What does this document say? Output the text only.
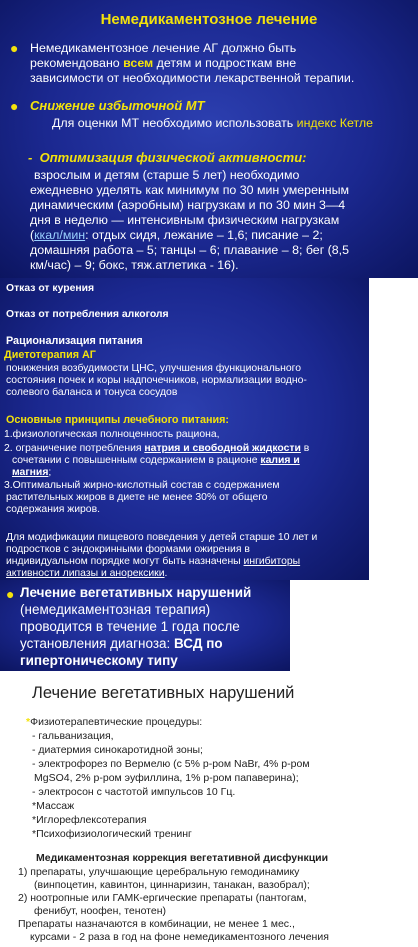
Немедикаментозное лечение
● Немедикаментозное лечение АГ должно быть
рекомендовано всем детям и подросткам вне
зависимости от необходимости лекарственной терапии.
● Снижение избыточной МТ
Для оценки МТ необходимо использовать индекс Кетле
- Оптимизация физической активности:
взрослым и детям (старше 5 лет) необходимо
ежедневно уделять как минимум по 30 мин умеренным
динамическим (аэробным) нагрузкам и по 30 мин 3—4
дня в неделю — интенсивным физическим нагрузкам
(ккал/мин: отдых сидя, лежание – 1,6; писание – 2;
домашняя работа – 5; танцы – 6; плавание – 8; бег (8,5
км/час) – 9; бокс, тяж.атлетика - 16).
Отказ от курения
Отказ от потребления алкоголя
Рационализация питания
Диетотерапия АГ
понижения возбудимости ЦНС, улучшения функционального
состояния почек и коры надпочечников, нормализации водно-
солевого баланса и тонуса сосудов
Основные принципы лечебного питания:
1.физиологическая полноценность рациона,
2. ограничение потребления натрия и свободной жидкости в
сочетании с повышенным содержанием в рационе калия и
магния;
3.Оптимальный жирно-кислотный состав с содержанием
растительных жиров в диете не менее 30% от общего
содержания жиров.
Для модификации пищевого поведения у детей старше 10 лет и
подростков с эндокринными формами ожирения в
индивидуальном порядке могут быть назначены ингибиторы
активности липазы и анорексики.
● Лечение вегетативных нарушений
(немедикаментозная терапия)
проводится в течение 1 года после
установления диагноза: ВСД по
гипертоническому типу
Лечение вегетативных нарушений
*Физиотерапевтические процедуры:
- гальванизация,
- диатермия синокаротидной зоны;
- электрофорез по Вермелю (с 5% р-ром NaBr, 4% р-ром
MgSO4, 2% р-ром эуфиллина, 1% р-ром папаверина);
- электросон с частотой импульсов 10 Гц.
*Массаж
*Иглорефлексотерапия
*Психофизиологический тренинг
Медикаментозная коррекция вегетативной дисфункции
1) препараты, улучшающие церебральную гемодинамику
(винпоцетин, кавинтон, циннаризин, танакан, вазобрал);
2) ноотропные или ГАМК-ергические препараты (пантогам,
фенибут, ноофен, тенотен)
Препараты назначаются в комбинации, не менее 1 мес.,
курсами - 2 раза в год на фоне немедикаментозного лечения
